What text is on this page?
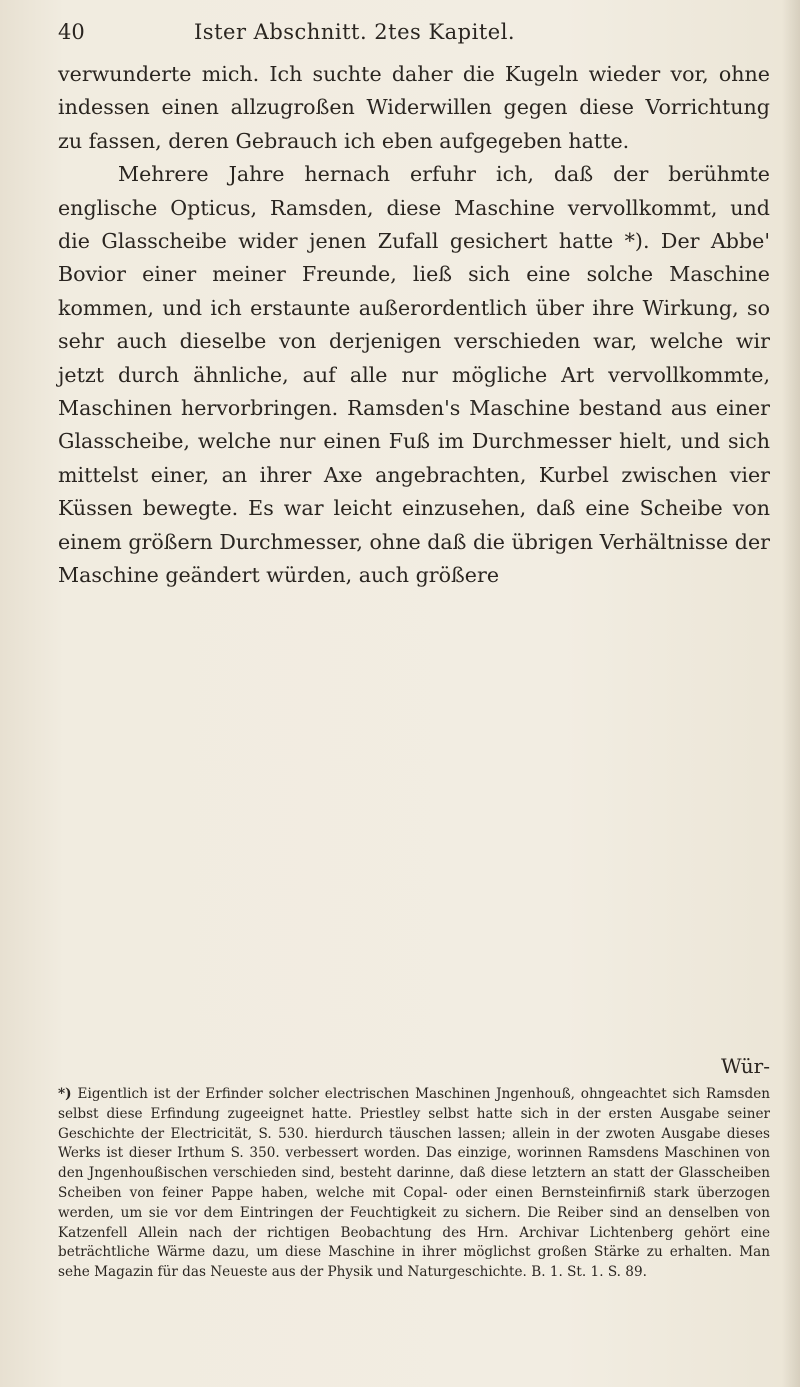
40	Ister Abschnitt. 2tes Kapitel.

verwunderte mich. Ich suchte daher die Kugeln wieder vor, ohne indessen einen allzugroßen Widerwillen gegen diese Vorrichtung zu fassen, deren Gebrauch ich eben aufgegeben hatte.

Mehrere Jahre hernach erfuhr ich, daß der berühmte englische Opticus, Ramsden, diese Maschine vervollkommt, und die Glasscheibe wider jenen Zufall gesichert hatte *). Der Abbe' Bovior einer meiner Freunde, ließ sich eine solche Maschine kommen, und ich erstaunte außerordentlich über ihre Wirkung, so sehr auch dieselbe von derjenigen verschieden war, welche wir jetzt durch ähnliche, auf alle nur mögliche Art vervollkommte, Maschinen hervorbringen. Ramsden's Maschine bestand aus einer Glasscheibe, welche nur einen Fuß im Durchmesser hielt, und sich mittelst einer, an ihrer Axe angebrachten, Kurbel zwischen vier Küssen bewegte. Es war leicht einzusehen, daß eine Scheibe von einem größern Durchmesser, ohne daß die übrigen Verhältnisse der Maschine geändert würden, auch größere

Wür-
*) Eigentlich ist der Erfinder solcher electrischen Maschinen Jngenhouß, ohngeachtet sich Ramsden selbst diese Erfindung zugeeignet hatte. Priestley selbst hatte sich in der ersten Ausgabe seiner Geschichte der Electricität, S. 530. hierdurch täuschen lassen; allein in der zwoten Ausgabe dieses Werks ist dieser Irthum S. 350. verbessert worden. Das einzige, worinnen Ramsdens Maschinen von den Jngenhoußischen verschieden sind, besteht darinne, daß diese letztern an statt der Glasscheiben Scheiben von feiner Pappe haben, welche mit Copal- oder einen Bernsteinfirniß stark überzogen werden, um sie vor dem Eintringen der Feuchtigkeit zu sichern. Die Reiber sind an denselben von Katzenfell Allein nach der richtigen Beobachtung des Hrn. Archivar Lichtenberg gehört eine beträchtliche Wärme dazu, um diese Maschine in ihrer möglichst großen Stärke zu erhalten. Man sehe Magazin für das Neueste aus der Physik und Naturgeschichte. B. 1. St. 1. S. 89.
